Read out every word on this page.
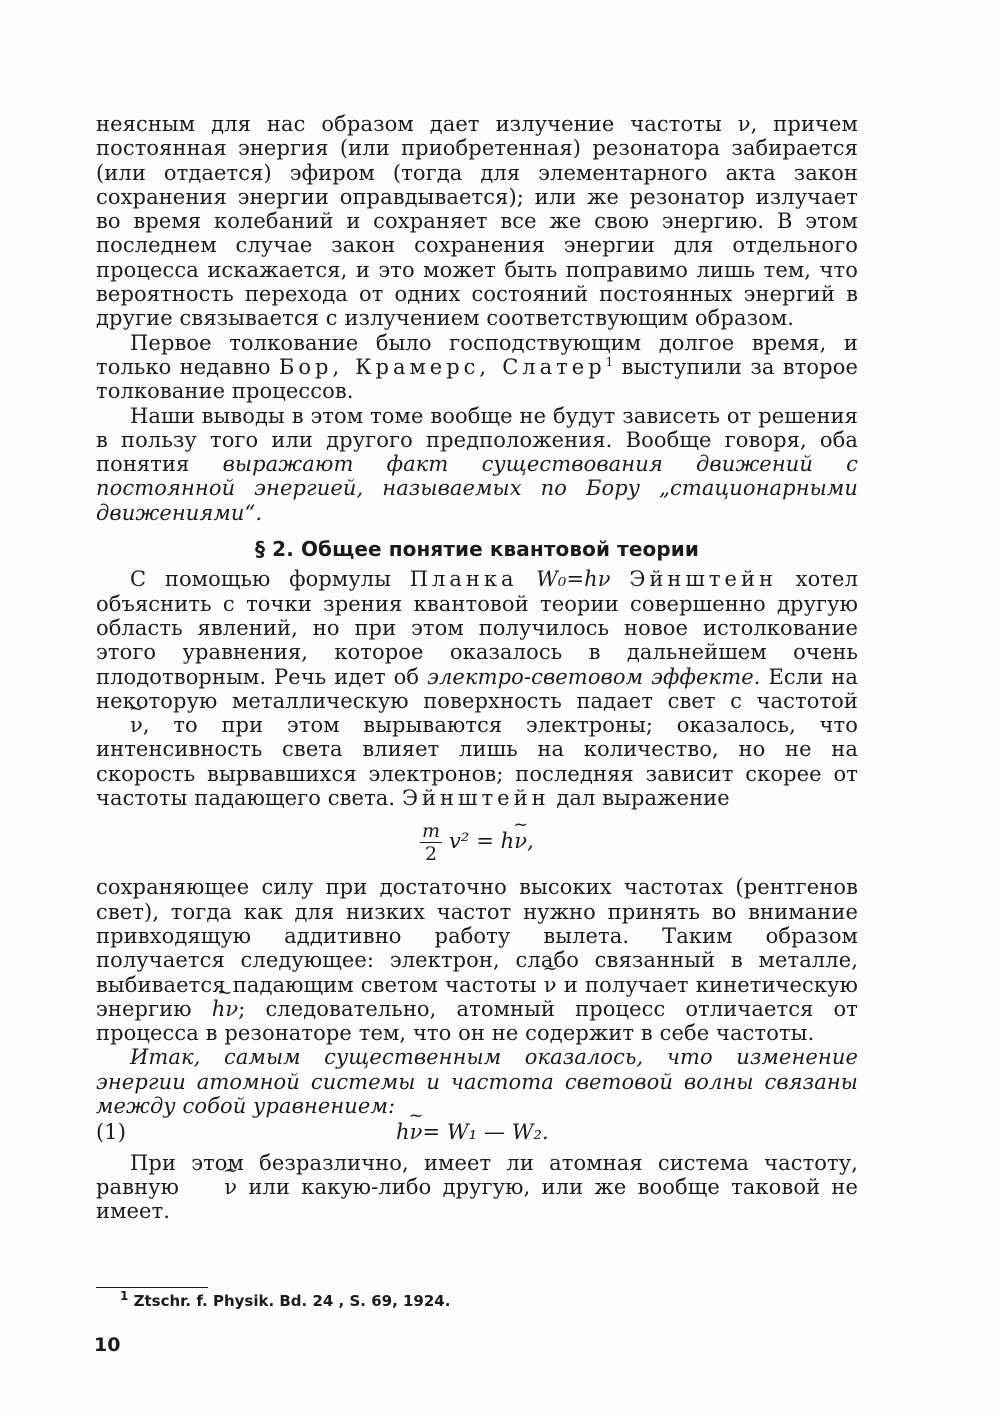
неясным для нас образом дает излучение частоты ν, причем постоянная энергия (или приобретенная) резонатора забирается (или отдается) эфиром (тогда для элементарного акта закон сохранения энергии оправдывается); или же резонатор излучает во время колебаний и сохраняет все же свою энергию. В этом последнем случае закон сохранения энергии для отдельного процесса искажается, и это может быть поправимо лишь тем, что вероятность перехода от одних состояний постоянных энергий в другие связывается с излучением соответствующим образом.

Первое толкование было господствующим долгое время, и только недавно Бор, Крамерс, Слатер$^1$ выступили за второе толкование процессов.

Наши выводы в этом томе вообще не будут зависеть от решения в пользу того или другого предположения. Вообще говоря, оба понятия выражают факт существования движений с постоянной энергией, называемых по Бору „стационарными движениями“.

§ 2. Общее понятие квантовой теории

С помощью формулы Планка W₀=hν Эйнштейн хотел объяснить с точки зрения квантовой теории совершенно другую область явлений, но при этом получилось новое истолкование этого уравнения, которое оказалось в дальнейшем очень плодотворным. Речь идет об электро-световом эффекте. Если на некоторую металлическую поверхность падает свет с частотой ~ ν, то при этом вырываются электроны; оказалось, что интенсивность света влияет лишь на количество, но не на скорость вырвавшихся электронов; последняя зависит скорее от частоты падающего света. Эйнштейн дал выражение

$\frac{m}{2} v^2$ = h~ ν,

сохраняющее силу при достаточно высоких частотах (рентгенов свет), тогда как для низких частот нужно принять во внимание привходящую аддитивно работу вылета. Таким образом получается следующее: электрон, слабо связанный в металле, выбивается падающим светом частоты ~ ν и получает кинетическую энергию ~ hν; следовательно, атомный процесс отличается от процесса в резонаторе тем, что он не содержит в себе частоты.

Итак, самым существенным оказалось, что изменение энергии атомной системы и частота световой волны связаны между собой уравнением:

(1)	h~ ν= W₁ — W₂.

При этом безразлично, имеет ли атомная система частоту, равную ~ ν или какую-либо другую, или же вообще таковой не имеет.

$^1$ Ztschr. f. Physik. Bd. 24 , S. 69, 1924.
10
